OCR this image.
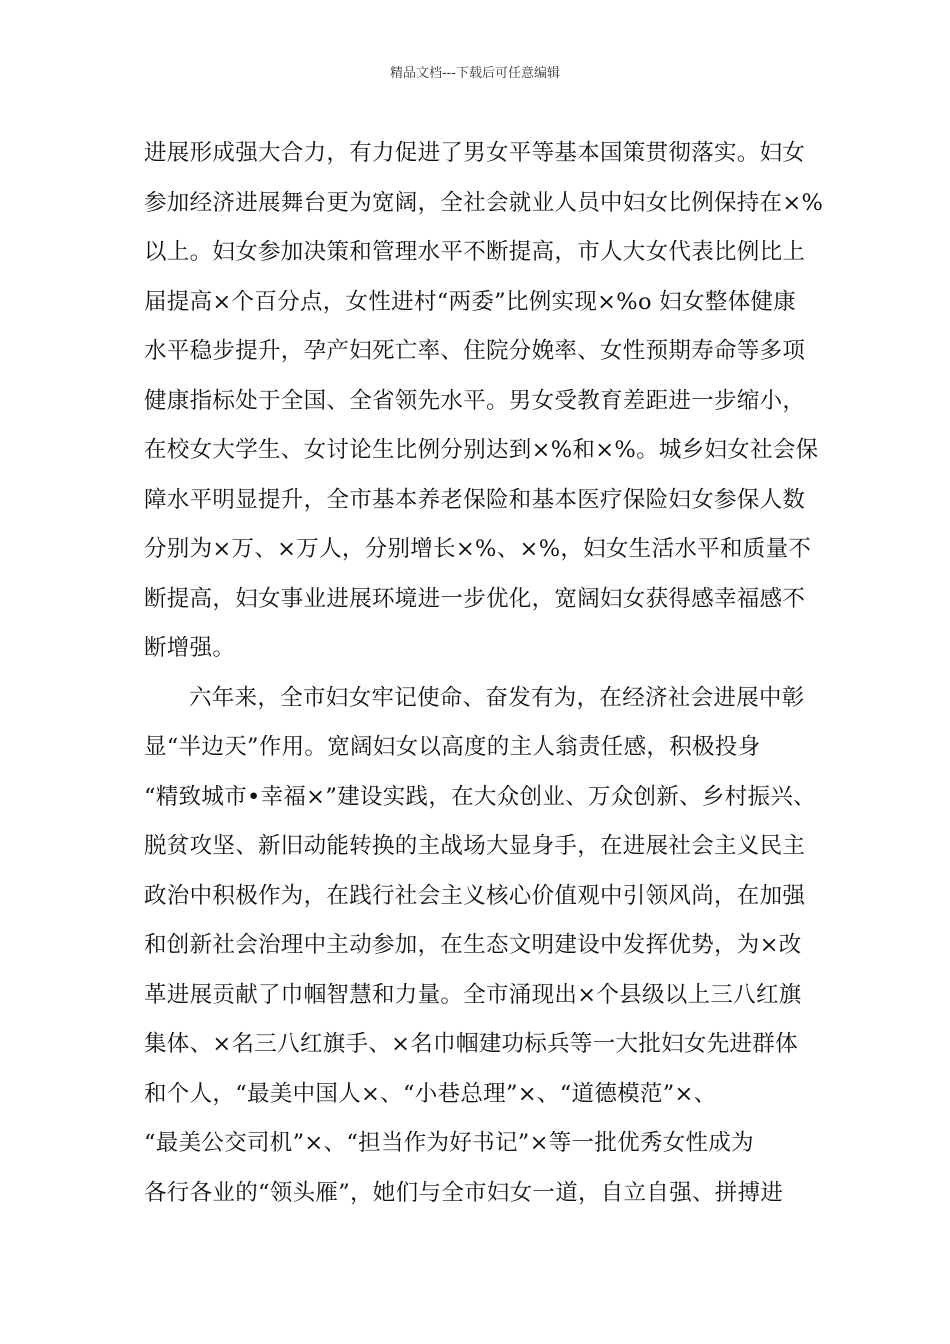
精品文档---下载后可任意编辑
进展形成强大合力，有力促进了男女平等基本国策贯彻落实。妇女
参加经济进展舞台更为宽阔，全社会就业人员中妇女比例保持在×%
以上。妇女参加决策和管理水平不断提高，市人大女代表比例比上
届提高×个百分点，女性进村“两委”比例实现×%o 妇女整体健康
水平稳步提升，孕产妇死亡率、住院分娩率、女性预期寿命等多项
健康指标处于全国、全省领先水平。男女受教育差距进一步缩小，
在校女大学生、女讨论生比例分别达到×%和×%。城乡妇女社会保
障水平明显提升，全市基本养老保险和基本医疗保险妇女参保人数
分别为×万、×万人，分别增长×%、×%，妇女生活水平和质量不
断提高，妇女事业进展环境进一步优化，宽阔妇女获得感幸福感不
断增强。
六年来，全市妇女牢记使命、奋发有为，在经济社会进展中彰
显“半边天”作用。宽阔妇女以高度的主人翁责任感，积极投身
“精致城市•幸福×”建设实践，在大众创业、万众创新、乡村振兴、
脱贫攻坚、新旧动能转换的主战场大显身手，在进展社会主义民主
政治中积极作为，在践行社会主义核心价值观中引领风尚，在加强
和创新社会治理中主动参加，在生态文明建设中发挥优势，为×改
革进展贡献了巾帼智慧和力量。全市涌现出×个县级以上三八红旗
集体、×名三八红旗手、×名巾帼建功标兵等一大批妇女先进群体
和个人，“最美中国人×、“小巷总理”×、“道德模范”×、
“最美公交司机”×、“担当作为好书记”×等一批优秀女性成为
各行各业的“领头雁”，她们与全市妇女一道，自立自强、拼搏进
